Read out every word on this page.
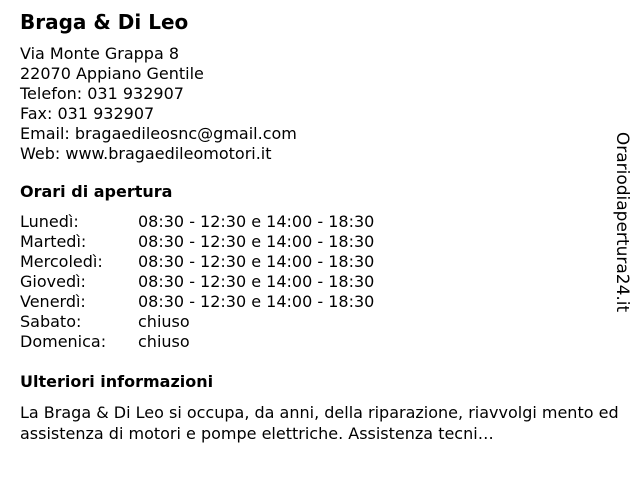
Braga & Di Leo
Via Monte Grappa 8
22070 Appiano Gentile
Telefon: 031 932907
Fax: 031 932907
Email: bragaedileosnc@gmail.com
Web: www.bragaedileomotori.it
Orari di apertura
Lunedì:	08:30 - 12:30 e 14:00 - 18:30
Martedì:	08:30 - 12:30 e 14:00 - 18:30
Mercoledì:	08:30 - 12:30 e 14:00 - 18:30
Giovedì:	08:30 - 12:30 e 14:00 - 18:30
Venerdì:	08:30 - 12:30 e 14:00 - 18:30
Sabato:	chiuso
Domenica:	chiuso
Ulteriori informazioni
La Braga & Di Leo si occupa, da anni, della riparazione, riavvolgi mento ed assistenza di motori e pompe elettriche. Assistenza tecni…
Orariodiapertura24.it
